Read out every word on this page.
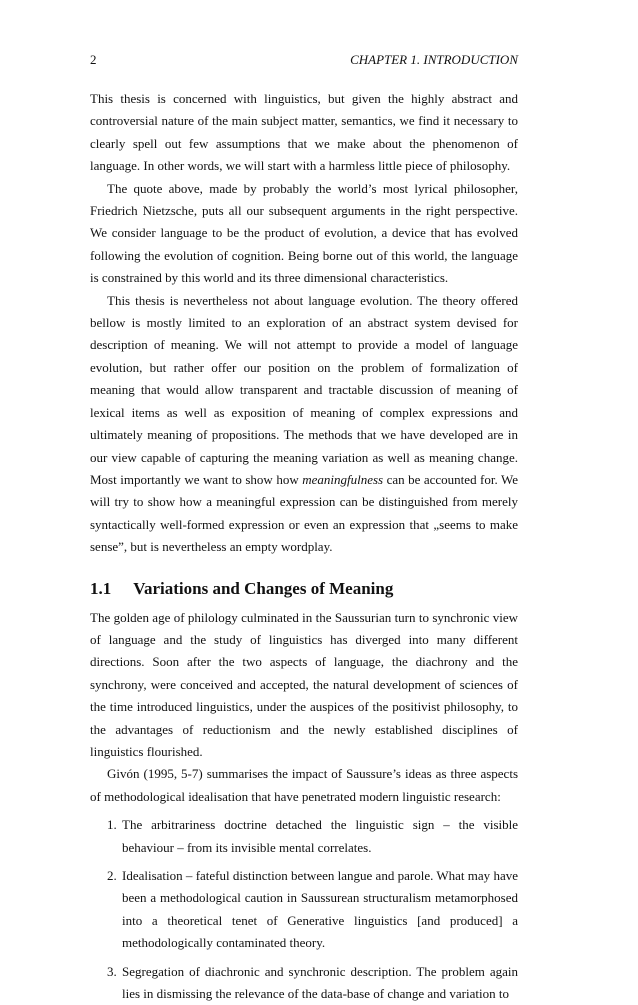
2	CHAPTER 1. INTRODUCTION

This thesis is concerned with linguistics, but given the highly abstract and controversial nature of the main subject matter, semantics, we find it necessary to clearly spell out few assumptions that we make about the phenomenon of language. In other words, we will start with a harmless little piece of philosophy.

The quote above, made by probably the world’s most lyrical philosopher, Friedrich Nietzsche, puts all our subsequent arguments in the right perspective. We consider language to be the product of evolution, a device that has evolved following the evolution of cognition. Being borne out of this world, the language is constrained by this world and its three dimensional characteristics.

This thesis is nevertheless not about language evolution. The theory offered bellow is mostly limited to an exploration of an abstract system devised for description of meaning. We will not attempt to provide a model of language evolution, but rather offer our position on the problem of formalization of meaning that would allow transparent and tractable discussion of meaning of lexical items as well as exposition of meaning of complex expressions and ultimately meaning of propositions. The methods that we have developed are in our view capable of capturing the meaning variation as well as meaning change. Most importantly we want to show how meaningfulness can be accounted for. We will try to show how a meaningful expression can be distinguished from merely syntactically well-formed expression or even an expression that „seems to make sense”, but is nevertheless an empty wordplay.

1.1 Variations and Changes of Meaning

The golden age of philology culminated in the Saussurian turn to synchronic view of language and the study of linguistics has diverged into many different directions. Soon after the two aspects of language, the diachrony and the synchrony, were conceived and accepted, the natural development of sciences of the time introduced linguistics, under the auspices of the positivist philosophy, to the advantages of reductionism and the newly established disciplines of linguistics flourished.

Givón (1995, 5-7) summarises the impact of Saussure’s ideas as three aspects of methodological idealisation that have penetrated modern linguistic research:

1. The arbitrariness doctrine detached the linguistic sign – the visible behaviour – from its invisible mental correlates.
2. Idealisation – fateful distinction between langue and parole. What may have been a methodological caution in Saussurean structuralism metamorphosed into a theoretical tenet of Generative linguistics [and produced] a methodologically contaminated theory.
3. Segregation of diachronic and synchronic description. The problem again lies in dismissing the relevance of the data-base of change and variation to
